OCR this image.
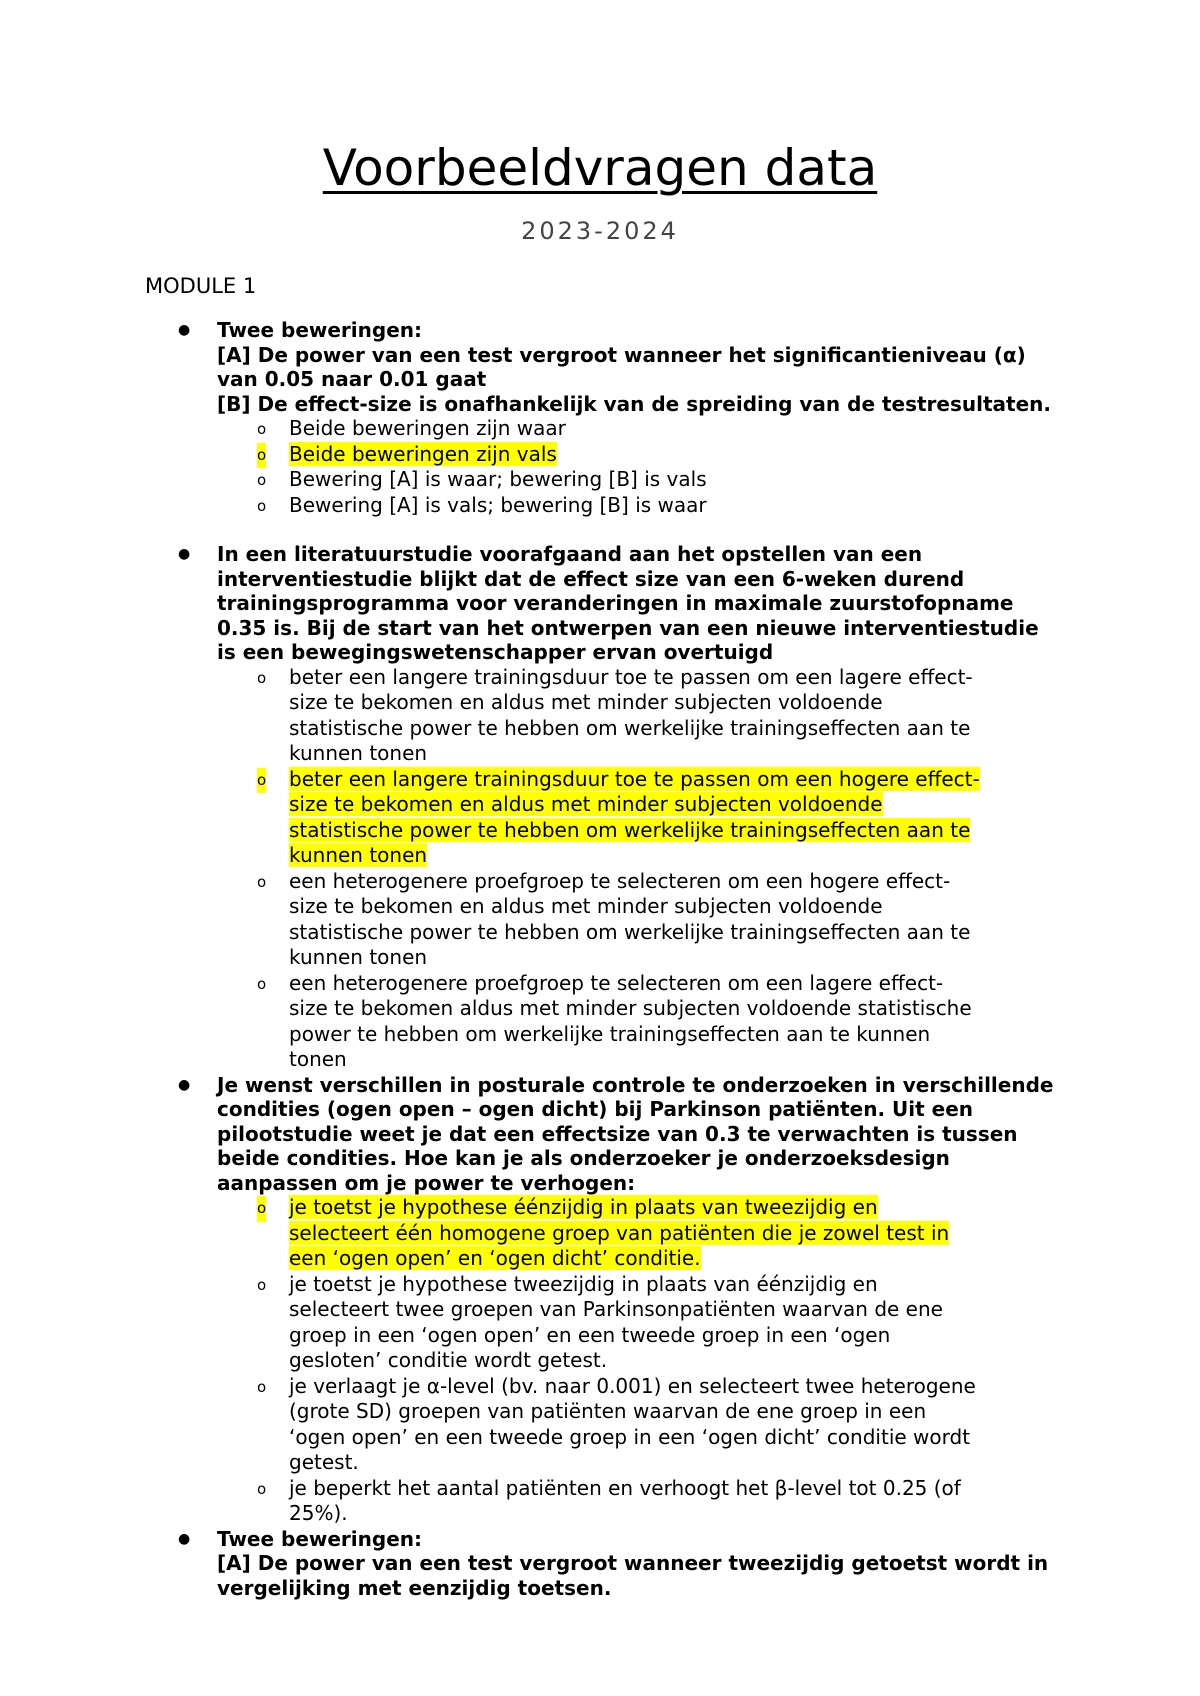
Voorbeeldvragen data
2023-2024
MODULE 1
● Twee beweringen:
[A] De power van een test vergroot wanneer het significantieniveau (α) van 0.05 naar 0.01 gaat
[B] De effect-size is onafhankelijk van de spreiding van de testresultaten.
o Beide beweringen zijn waar
o Beide beweringen zijn vals
o Bewering [A] is waar; bewering [B] is vals
o Bewering [A] is vals; bewering [B] is waar
● In een literatuurstudie voorafgaand aan het opstellen van een interventiestudie blijkt dat de effect size van een 6-weken durend trainingsprogramma voor veranderingen in maximale zuurstofopname 0.35 is. Bij de start van het ontwerpen van een nieuwe interventiestudie is een bewegingswetenschapper ervan overtuigd
o beter een langere trainingsduur toe te passen om een lagere effect-size te bekomen en aldus met minder subjecten voldoende statistische power te hebben om werkelijke trainingseffecten aan te kunnen tonen
o beter een langere trainingsduur toe te passen om een hogere effect-size te bekomen en aldus met minder subjecten voldoende statistische power te hebben om werkelijke trainingseffecten aan te kunnen tonen
o een heterogenere proefgroep te selecteren om een hogere effect-size te bekomen en aldus met minder subjecten voldoende statistische power te hebben om werkelijke trainingseffecten aan te kunnen tonen
o een heterogenere proefgroep te selecteren om een lagere effect-size te bekomen aldus met minder subjecten voldoende statistische power te hebben om werkelijke trainingseffecten aan te kunnen tonen
● Je wenst verschillen in posturale controle te onderzoeken in verschillende condities (ogen open – ogen dicht) bij Parkinson patiënten. Uit een pilootstudie weet je dat een effectsize van 0.3 te verwachten is tussen beide condities. Hoe kan je als onderzoeker je onderzoeksdesign aanpassen om je power te verhogen:
o je toetst je hypothese éénzijdig in plaats van tweezijdig en selecteert één homogene groep van patiënten die je zowel test in een ‘ogen open’ en ‘ogen dicht’ conditie.
o je toetst je hypothese tweezijdig in plaats van éénzijdig en selecteert twee groepen van Parkinsonpatiënten waarvan de ene groep in een ‘ogen open’ en een tweede groep in een ‘ogen gesloten’ conditie wordt getest.
o je verlaagt je α-level (bv. naar 0.001) en selecteert twee heterogene (grote SD) groepen van patiënten waarvan de ene groep in een ‘ogen open’ en een tweede groep in een ‘ogen dicht’ conditie wordt getest.
o je beperkt het aantal patiënten en verhoogt het β-level tot 0.25 (of 25%).
● Twee beweringen:
[A] De power van een test vergroot wanneer tweezijdig getoetst wordt in vergelijking met eenzijdig toetsen.
